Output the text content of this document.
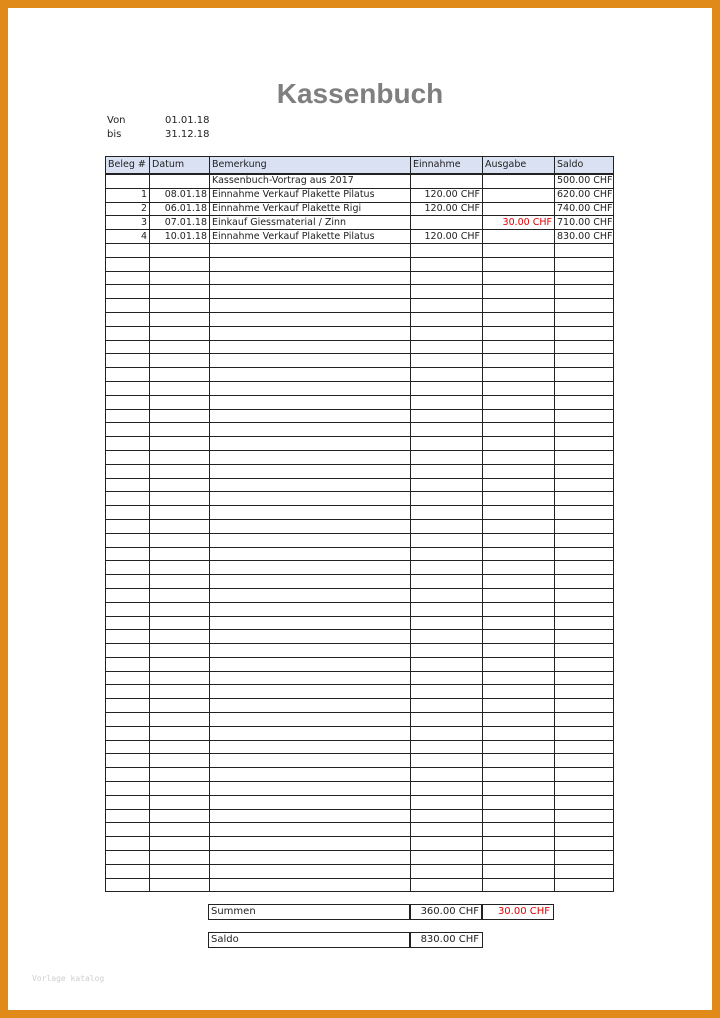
Kassenbuch
Von	01.01.18
bis	31.12.18
Beleg #	Datum	Bemerkung	Einnahme	Ausgabe	Saldo
		Kassenbuch-Vortrag aus 2017			500.00 CHF
1	08.01.18	Einnahme Verkauf Plakette Pilatus	120.00 CHF		620.00 CHF
2	06.01.18	Einnahme Verkauf Plakette Rigi	120.00 CHF		740.00 CHF
3	07.01.18	Einkauf Giessmaterial / Zinn		30.00 CHF	710.00 CHF
4	10.01.18	Einnahme Verkauf Plakette Pilatus	120.00 CHF		830.00 CHF

Summen	360.00 CHF 30.00 CHF
Saldo	830.00 CHF
Vorlage katalog
